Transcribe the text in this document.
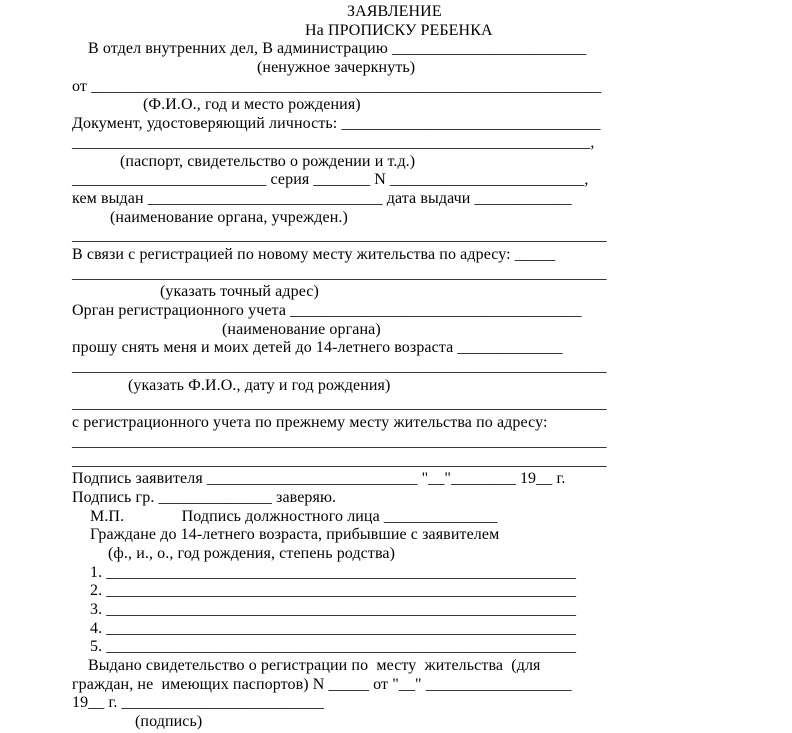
ЗАЯВЛЕНИЕ
На ПРОПИСКУ РЕБЕНКА
В отдел внутренних дел, В администрацию ________________________
(ненужное зачеркнуть)
от _______________________________________________________________
(Ф.И.О., год и место рождения)
Документ, удостоверяющий личность: ________________________________
________________________________________________________________,
(паспорт, свидетельство о рождении и т.д.)
________________________ серия _______ N ________________________,
кем выдан _____________________________ дата выдачи ____________
(наименование органа, учрежден.)
__________________________________________________________________
В связи с регистрацией по новому месту жительства по адресу: _____
__________________________________________________________________
(указать точный адрес)
Орган регистрационного учета ____________________________________
(наименование органа)
прошу снять меня и моих детей до 14-летнего возраста _____________
__________________________________________________________________
(указать Ф.И.О., дату и год рождения)
__________________________________________________________________
с регистрационного учета по прежнему месту жительства по адресу:
__________________________________________________________________
__________________________________________________________________
Подпись заявителя __________________________ "__"________ 19__ г.
Подпись гр. ______________ заверяю.
М.П.              Подпись должностного лица ______________
Граждане до 14-летнего возраста, прибывшие с заявителем
(ф., и., о., год рождения, степень родства)
1. __________________________________________________________
2. __________________________________________________________
3. __________________________________________________________
4. __________________________________________________________
5. __________________________________________________________
Выдано свидетельство о регистрации по  месту  жительства  (для
граждан, не  имеющих паспортов) N _____ от "__" __________________
19__ г. _________________________
(подпись)
